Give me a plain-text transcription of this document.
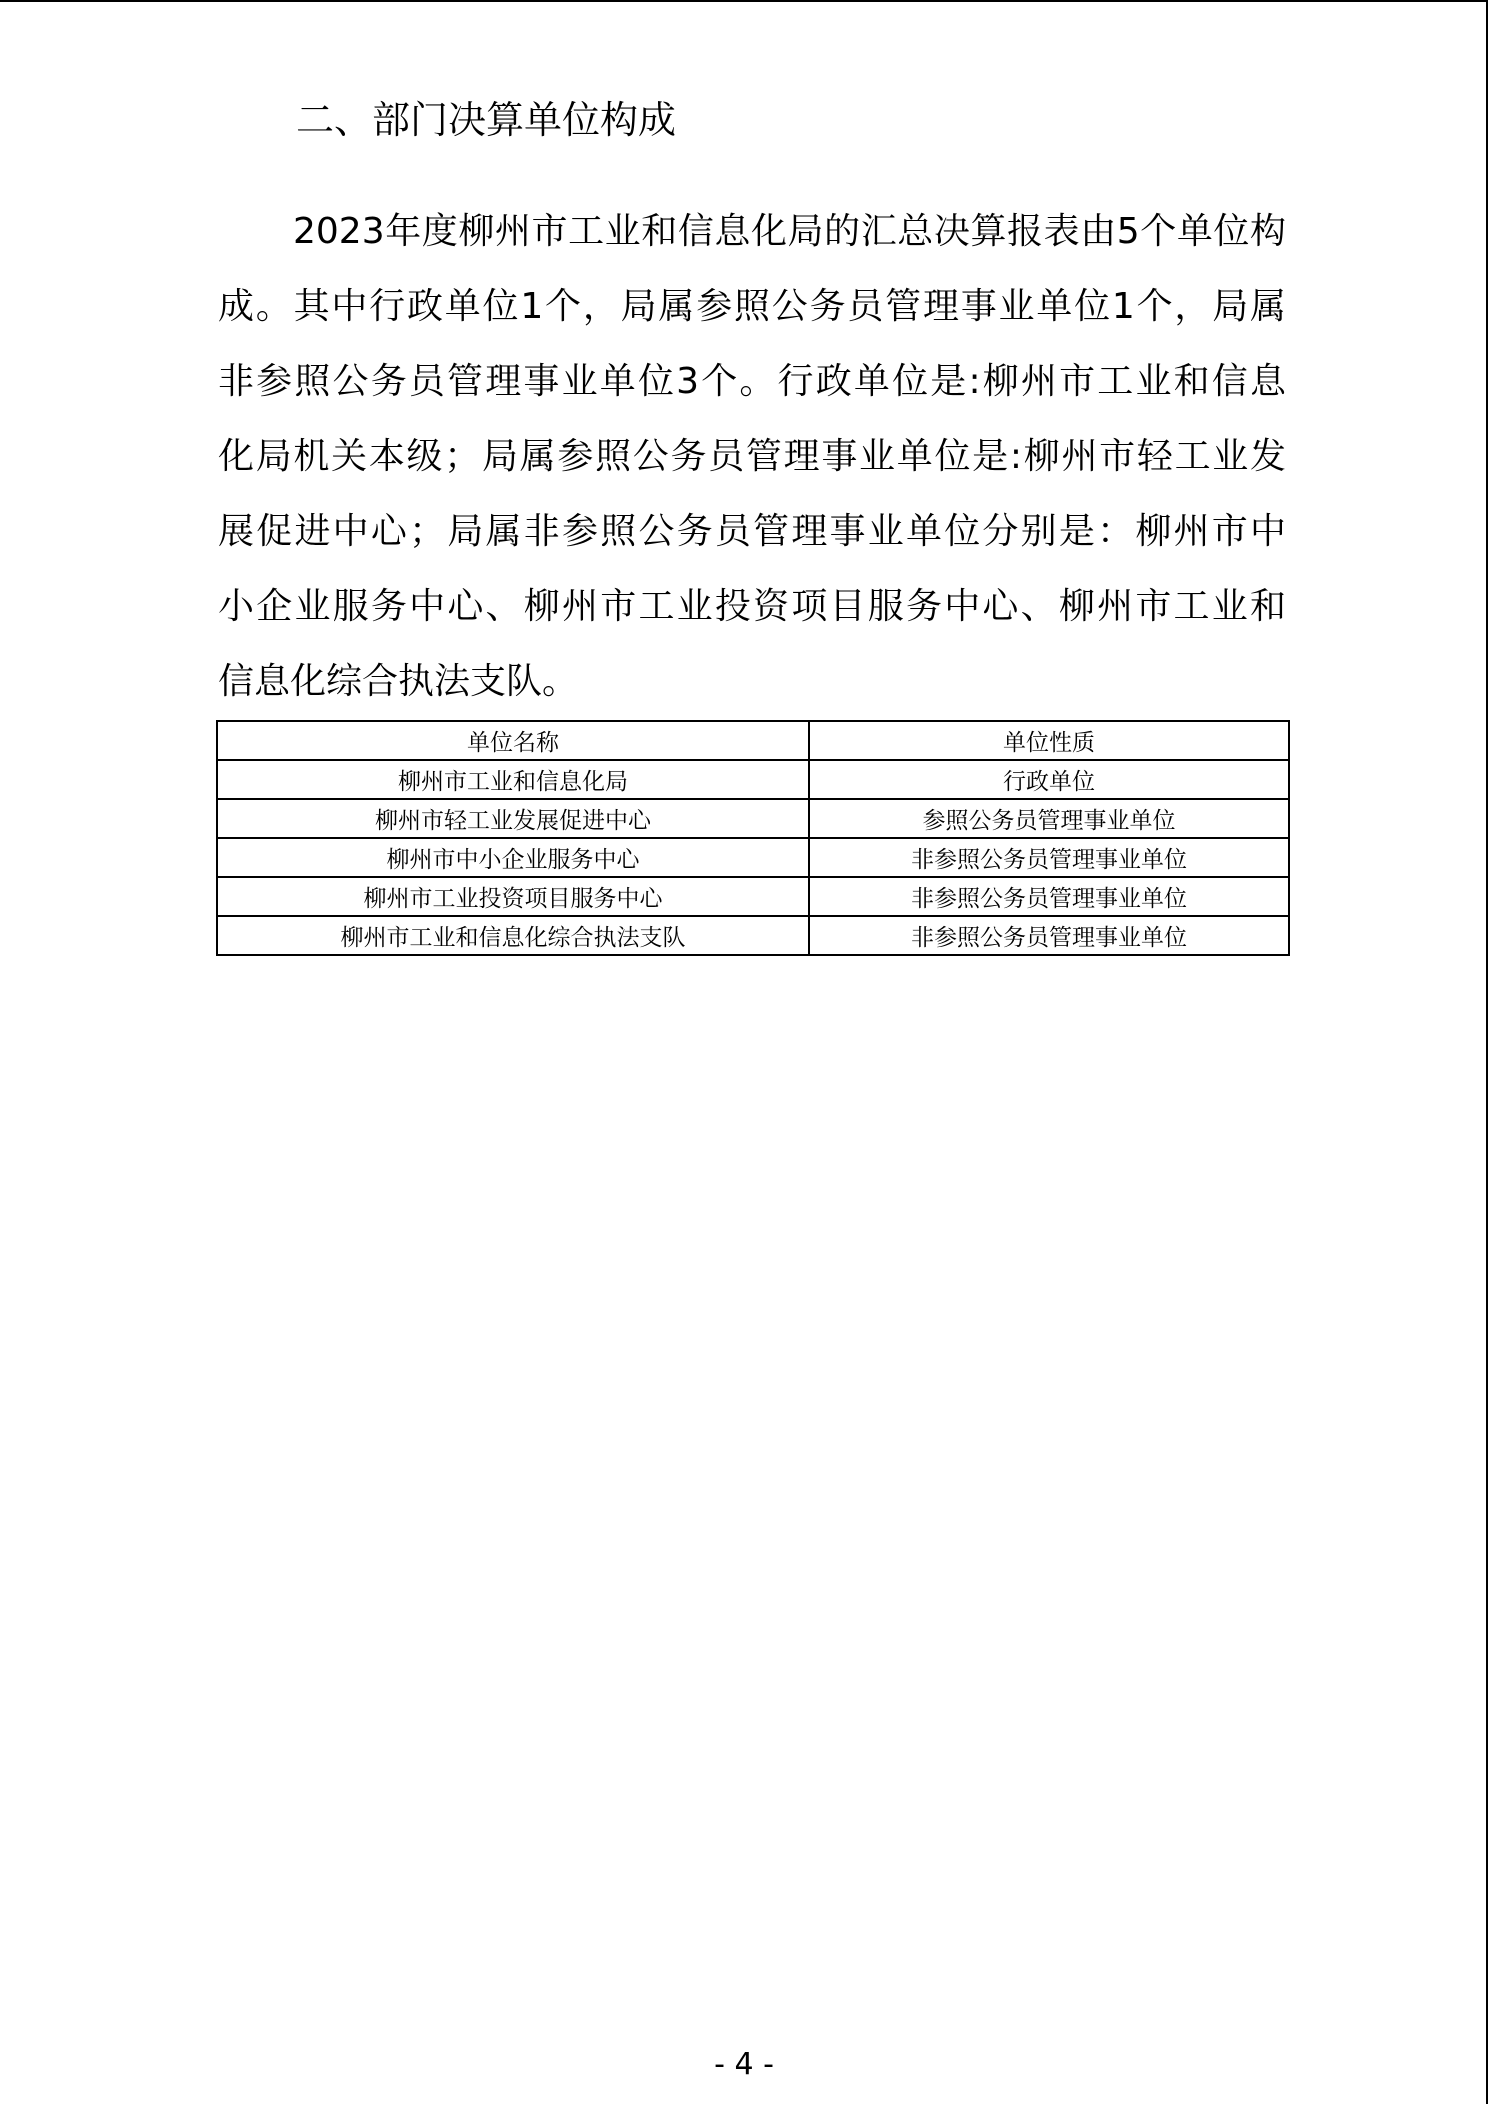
二、部门决算单位构成
2023年度柳州市工业和信息化局的汇总决算报表由5个单位构
成。其中行政单位1个，局属参照公务员管理事业单位1个，局属
非参照公务员管理事业单位3个。行政单位是:柳州市工业和信息
化局机关本级；局属参照公务员管理事业单位是:柳州市轻工业发
展促进中心；局属非参照公务员管理事业单位分别是：柳州市中
小企业服务中心、柳州市工业投资项目服务中心、柳州市工业和
信息化综合执法支队。
单位名称	单位性质
柳州市工业和信息化局	行政单位
柳州市轻工业发展促进中心	参照公务员管理事业单位
柳州市中小企业服务中心	非参照公务员管理事业单位
柳州市工业投资项目服务中心	非参照公务员管理事业单位
柳州市工业和信息化综合执法支队	非参照公务员管理事业单位
- 4 -
